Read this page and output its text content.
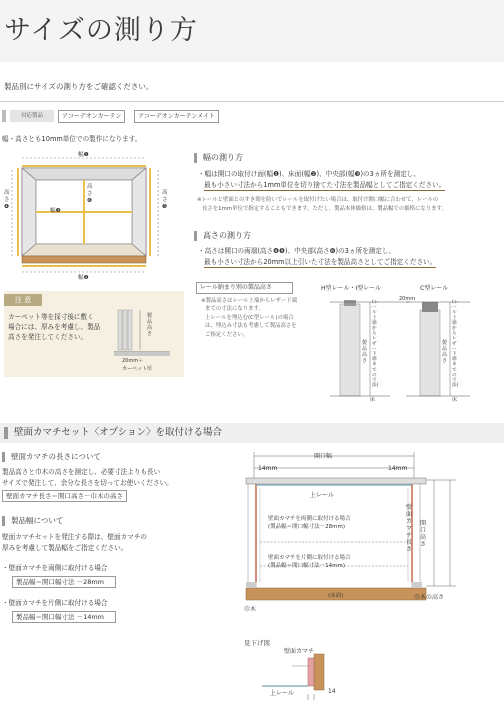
サイズの測り方
製品別にサイズの測り方をご確認ください。
対応製品	アコーデオンカーテン	アコーデオンカーテンメイト
幅・高さとも10mm単位での製作になります。
幅❶
幅❷
幅❸
高さ❹
高さ❺
高さ❻
幅の測り方
・幅は開口の取付け面(幅❶)、床面(幅❷)、中央部(幅❸)の3ヵ所を測定し、
最も小さい寸法から1mm単位を切り捨てた寸法を製品幅としてご指定ください。
※レールと壁面とのすき間を防いでレールを取付けたい場合は、取付け開口幅に合わせて、レールの
長さを1mm単位で指定することもできます。ただし、製品本体価格は、製品幅での価格になります。
高さの測り方
・高さは開口の両端(高さ❹❺)、中央部(高さ❻)の3ヵ所を測定し、
最も小さい寸法から20mm以上引いた寸法を製品高さとしてご指定ください。
注 意
カーペット等を採寸後に敷く
場合には、厚みを考慮し、製品
高さを発注してください。
製品高さ
20mm＋
カーペット厚
レール納まり別の製品高さ
※製品高さはレール上端からレザー下端
までの寸法になります。
上レールを埋込む(C型レール)の場合
は、埋込み寸法も考慮して製品高さを
ご指定ください。
H型レール・I型レール	C型レール
20mm
製品高さ
製品高さ
(レール上端からレザー下端までの寸法)
(レール上端からレザー下端までの寸法)
床	床
壁面カマチセット〈オプション〉を取付ける場合
壁面カマチの長さについて
製品高さと巾木の高さを測定し、必要寸法よりも長い
サイズで発注して、余分な長さを切ってお使いください。
壁面カマチ長さ＝開口高さ－巾木の高さ
製品幅について
壁面カマチセットを発注する際は、壁面カマチの
厚みを考慮して製品幅をご指定ください。
・壁面カマチを両側に取付ける場合
製品幅＝開口幅寸法 －28mm
・壁面カマチを片側に取付ける場合
製品幅＝開口幅寸法 －14mm
開口幅
14mm	14mm
上レール
壁面カマチを両側に取付ける場合
(製品幅＝開口幅寸法－28mm)
壁面カマチを片側に取付ける場合
(製品幅＝開口幅寸法－14mm)
壁面カマチ長さ
開口高さ
(床面)
巾木
巾木の高さ
見下げ図
壁面カマチ
上レール	14
